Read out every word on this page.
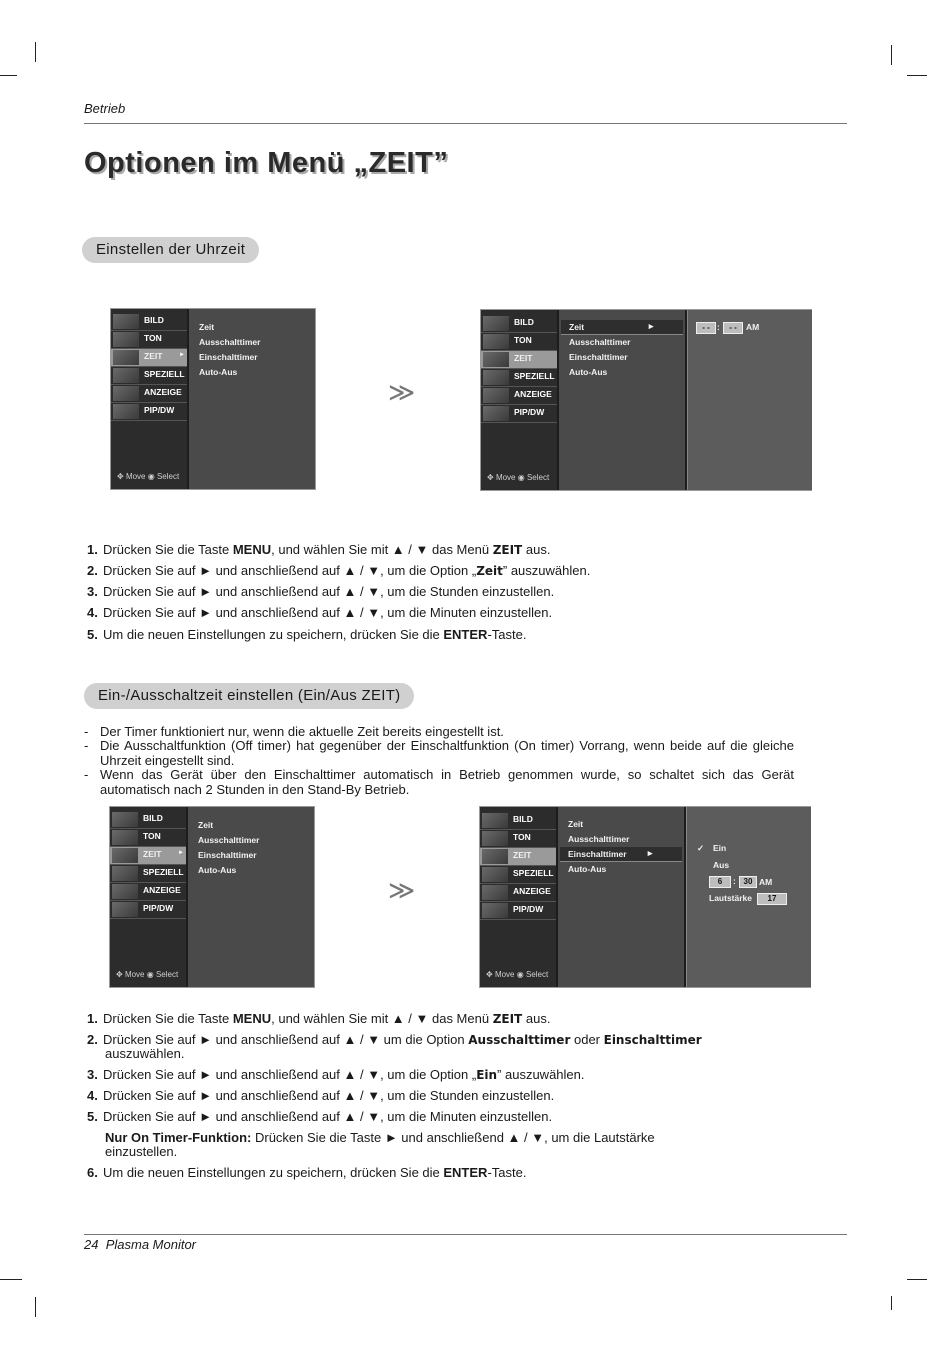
Betrieb
Optionen im Menü „ZEIT”
Einstellen der Uhrzeit
BILD
TON
ZEIT	►
SPEZIELL
ANZEIGE
PIP/DW
✥ Move ◉ Select
Zeit
Ausschalttimer
Einschalttimer
Auto-Aus
≫
BILD
TON
ZEIT
SPEZIELL
ANZEIGE
PIP/DW
✥ Move ◉ Select
Zeit	►
Ausschalttimer
Einschalttimer
Auto-Aus
- - :	- -	AM
1. Drücken Sie die Taste MENU, und wählen Sie mit ▲ / ▼ das Menü ZEIT aus.
2. Drücken Sie auf ► und anschließend auf ▲ / ▼, um die Option „Zeit” auszuwählen.
3. Drücken Sie auf ► und anschließend auf ▲ / ▼, um die Stunden einzustellen.
4. Drücken Sie auf ► und anschließend auf ▲ / ▼, um die Minuten einzustellen.
5. Um die neuen Einstellungen zu speichern, drücken Sie die ENTER-Taste.
Ein-/Ausschaltzeit einstellen (Ein/Aus ZEIT)
- Der Timer funktioniert nur, wenn die aktuelle Zeit bereits eingestellt ist.
- Die Ausschaltfunktion (Off timer) hat gegenüber der Einschaltfunktion (On timer) Vorrang, wenn beide auf die gleiche Uhrzeit eingestellt sind.
- Wenn das Gerät über den Einschalttimer automatisch in Betrieb genommen wurde, so schaltet sich das Gerät automatisch nach 2 Stunden in den Stand-By Betrieb.
BILD
TON
ZEIT	►
SPEZIELL
ANZEIGE
PIP/DW
✥ Move ◉ Select
Zeit
Ausschalttimer
Einschalttimer
Auto-Aus
≫
BILD
TON
ZEIT
SPEZIELL
ANZEIGE
PIP/DW
✥ Move ◉ Select
Zeit
Ausschalttimer
Einschalttimer ►
Auto-Aus
✓ Ein
Aus
6	: 30 AM
Lautstärke	17
1. Drücken Sie die Taste MENU, und wählen Sie mit ▲ / ▼ das Menü ZEIT aus.
2. Drücken Sie auf ► und anschließend auf ▲ / ▼ um die Option Ausschalttimer oder Einschalttimer
auszuwählen.
3. Drücken Sie auf ► und anschließend auf ▲ / ▼, um die Option „Ein” auszuwählen.
4. Drücken Sie auf ► und anschließend auf ▲ / ▼, um die Stunden einzustellen.
5. Drücken Sie auf ► und anschließend auf ▲ / ▼, um die Minuten einzustellen.
Nur On Timer-Funktion: Drücken Sie die Taste ► und anschließend ▲ / ▼, um die Lautstärke
einzustellen.
6. Um die neuen Einstellungen zu speichern, drücken Sie die ENTER-Taste.
24 Plasma Monitor
